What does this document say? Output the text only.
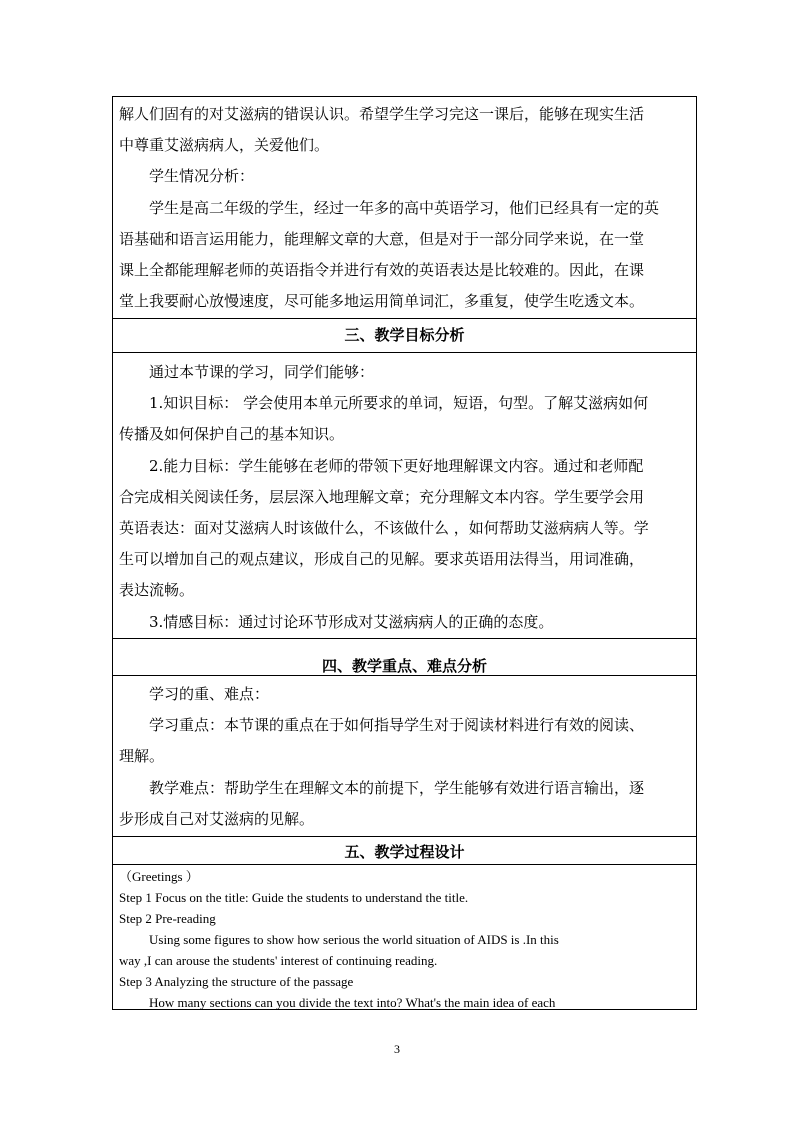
解人们固有的对艾滋病的错误认识。希望学生学习完这一课后，能够在现实生活
中尊重艾滋病病人，关爱他们。
学生情况分析：
学生是高二年级的学生，经过一年多的高中英语学习，他们已经具有一定的英
语基础和语言运用能力，能理解文章的大意，但是对于一部分同学来说，在一堂
课上全都能理解老师的英语指令并进行有效的英语表达是比较难的。因此，在课
堂上我要耐心放慢速度，尽可能多地运用简单词汇，多重复，使学生吃透文本。
三、教学目标分析
通过本节课的学习，同学们能够：
1.知识目标： 学会使用本单元所要求的单词，短语，句型。了解艾滋病如何
传播及如何保护自己的基本知识。
2.能力目标：学生能够在老师的带领下更好地理解课文内容。通过和老师配
合完成相关阅读任务，层层深入地理解文章；充分理解文本内容。学生要学会用
英语表达：面对艾滋病人时该做什么，不该做什么 ，如何帮助艾滋病病人等。学
生可以增加自己的观点建议，形成自己的见解。要求英语用法得当，用词准确，
表达流畅。
3.情感目标：通过讨论环节形成对艾滋病病人的正确的态度。
四、教学重点、难点分析
学习的重、难点：
学习重点：本节课的重点在于如何指导学生对于阅读材料进行有效的阅读、
理解。
教学难点：帮助学生在理解文本的前提下，学生能够有效进行语言输出，逐
步形成自己对艾滋病的见解。
五、教学过程设计
（Greetings ）
Step 1 Focus on the title: Guide the students to understand the title.
Step 2 Pre-reading
Using some figures to show how serious the world situation of AIDS is .In this
way ,I can arouse the students' interest of continuing reading.
Step 3 Analyzing the structure of the passage
How many sections can you divide the text into? What's the main idea of each
3
